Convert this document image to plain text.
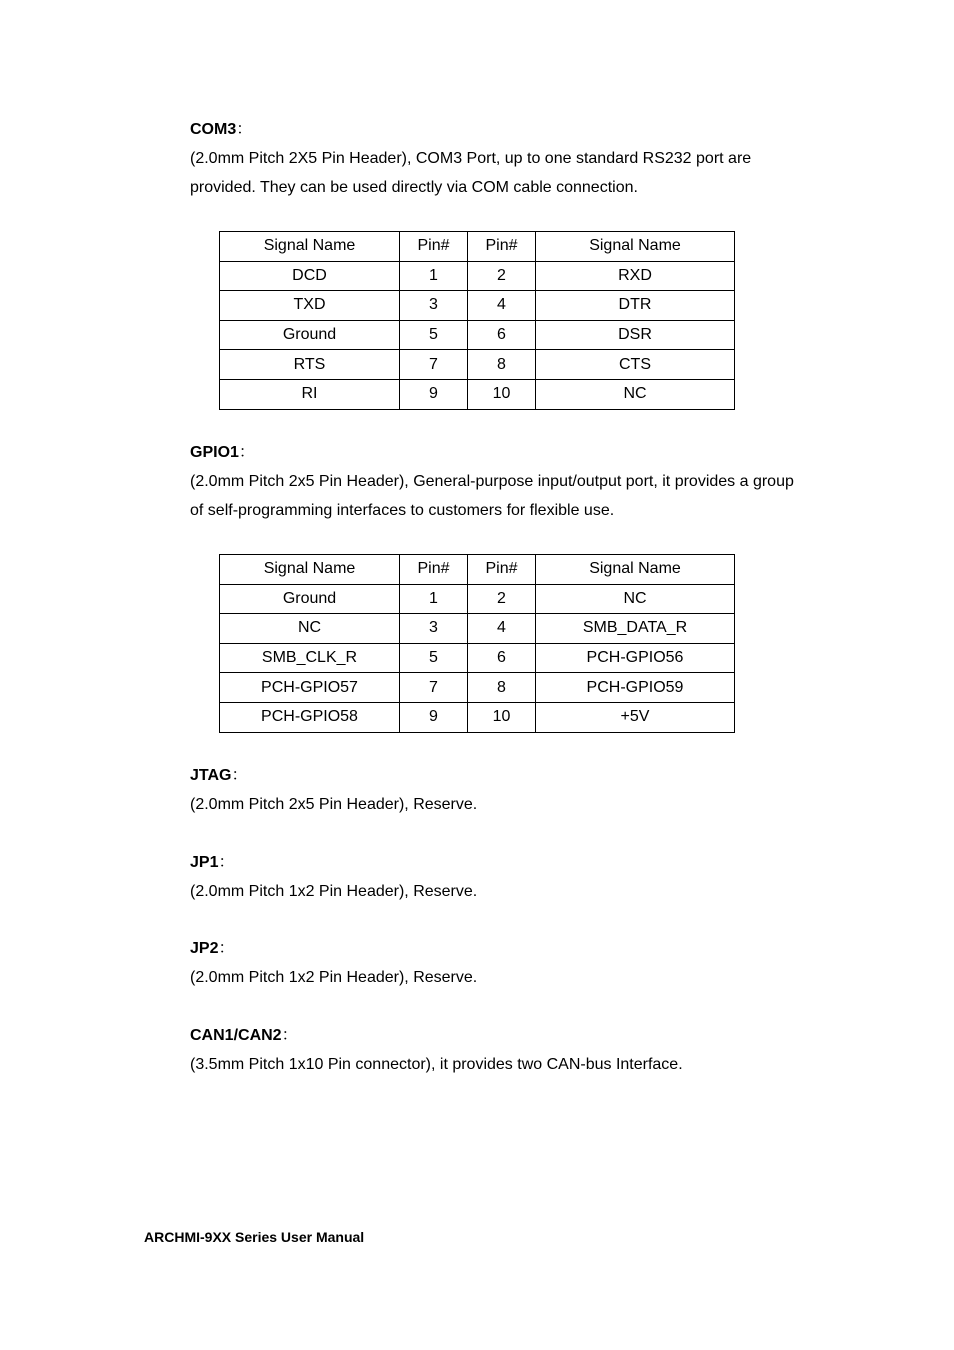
COM3：
(2.0mm Pitch 2X5 Pin Header), COM3 Port, up to one standard RS232 port are provided. They can be used directly via COM cable connection.
Signal Name	Pin#	Pin#	Signal Name
DCD	1	2	RXD
TXD	3	4	DTR
Ground	5	6	DSR
RTS	7	8	CTS
RI	9	10	NC
GPIO1：
(2.0mm Pitch 2x5 Pin Header), General-purpose input/output port, it provides a group of self-programming interfaces to customers for flexible use.
Signal Name	Pin#	Pin#	Signal Name
Ground	1	2	NC
NC	3	4	SMB_DATA_R
SMB_CLK_R	5	6	PCH-GPIO56
PCH-GPIO57	7	8	PCH-GPIO59
PCH-GPIO58	9	10	+5V
JTAG：
(2.0mm Pitch 2x5 Pin Header), Reserve.
JP1：
(2.0mm Pitch 1x2 Pin Header), Reserve.
JP2：
(2.0mm Pitch 1x2 Pin Header), Reserve.
CAN1/CAN2：
(3.5mm Pitch 1x10 Pin connector), it provides two CAN-bus Interface.
ARCHMI-9XX Series User Manual
